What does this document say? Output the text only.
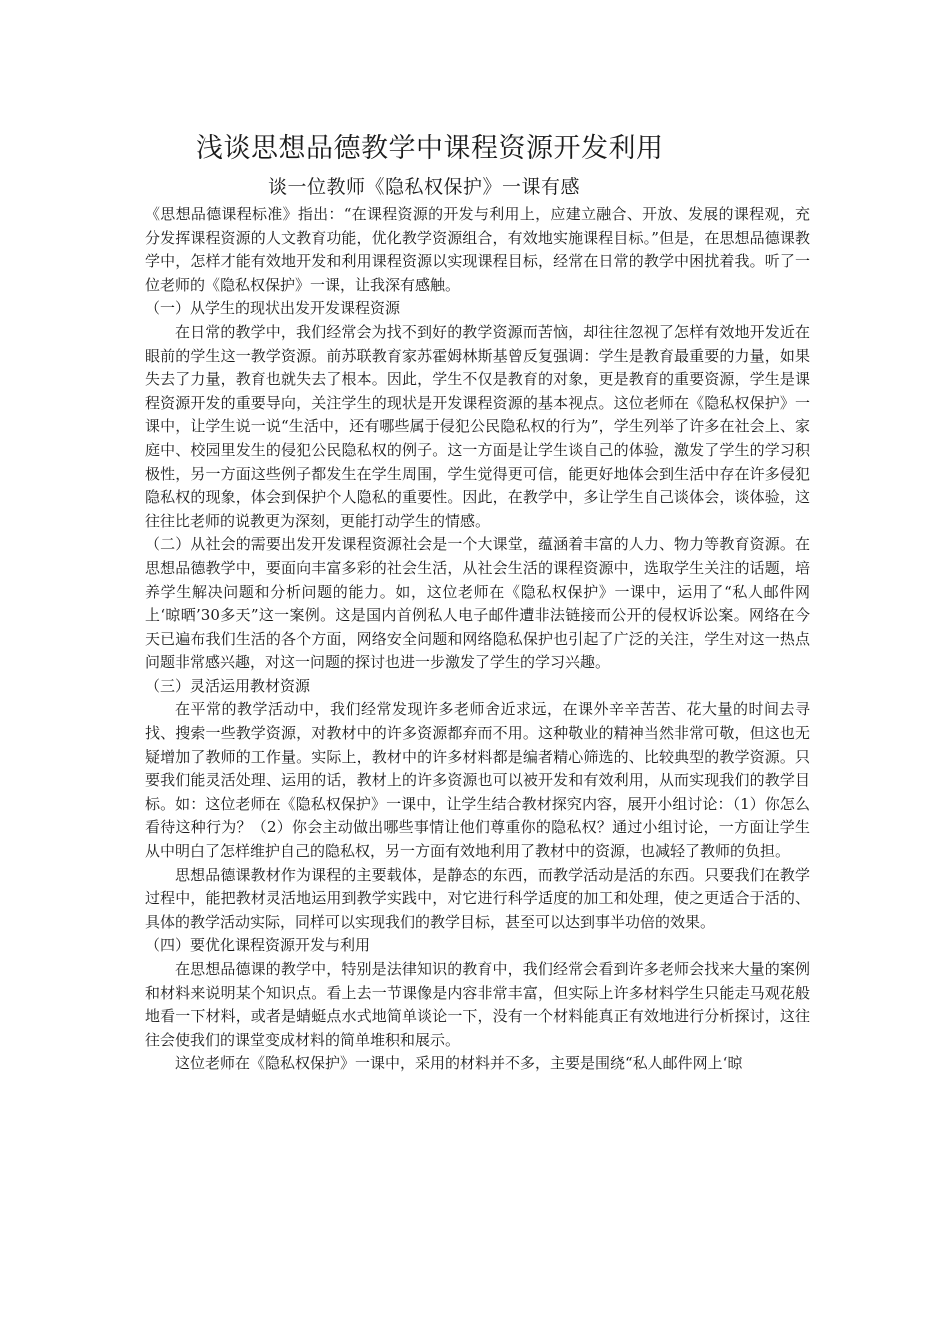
浅谈思想品德教学中课程资源开发利用
谈一位教师《隐私权保护》一课有感

《思想品德课程标准》指出：“在课程资源的开发与利用上，应建立融合、开放、发展的课程观，充分发挥课程资源的人文教育功能，优化教学资源组合，有效地实施课程目标。”但是，在思想品德课教学中，怎样才能有效地开发和利用课程资源以实现课程目标，经常在日常的教学中困扰着我。听了一位老师的《隐私权保护》一课，让我深有感触。

（一）从学生的现状出发开发课程资源

在日常的教学中，我们经常会为找不到好的教学资源而苦恼，却往往忽视了怎样有效地开发近在眼前的学生这一教学资源。前苏联教育家苏霍姆林斯基曾反复强调：学生是教育最重要的力量，如果失去了力量，教育也就失去了根本。因此，学生不仅是教育的对象，更是教育的重要资源，学生是课程资源开发的重要导向，关注学生的现状是开发课程资源的基本视点。这位老师在《隐私权保护》一课中，让学生说一说“生活中，还有哪些属于侵犯公民隐私权的行为”，学生列举了许多在社会上、家庭中、校园里发生的侵犯公民隐私权的例子。这一方面是让学生谈自己的体验，激发了学生的学习积极性，另一方面这些例子都发生在学生周围，学生觉得更可信，能更好地体会到生活中存在许多侵犯隐私权的现象，体会到保护个人隐私的重要性。因此，在教学中，多让学生自己谈体会，谈体验，这往往比老师的说教更为深刻，更能打动学生的情感。

（二）从社会的需要出发开发课程资源社会是一个大课堂，蕴涵着丰富的人力、物力等教育资源。在思想品德教学中，要面向丰富多彩的社会生活，从社会生活的课程资源中，选取学生关注的话题，培养学生解决问题和分析问题的能力。如，这位老师在《隐私权保护》一课中，运用了“私人邮件网上‘晾晒’30多天”这一案例。这是国内首例私人电子邮件遭非法链接而公开的侵权诉讼案。网络在今天已遍布我们生活的各个方面，网络安全问题和网络隐私保护也引起了广泛的关注，学生对这一热点问题非常感兴趣，对这一问题的探讨也进一步激发了学生的学习兴趣。

（三）灵活运用教材资源

在平常的教学活动中，我们经常发现许多老师舍近求远，在课外辛辛苦苦、花大量的时间去寻找、搜索一些教学资源，对教材中的许多资源都弃而不用。这种敬业的精神当然非常可敬，但这也无疑增加了教师的工作量。实际上，教材中的许多材料都是编者精心筛选的、比较典型的教学资源。只要我们能灵活处理、运用的话，教材上的许多资源也可以被开发和有效利用，从而实现我们的教学目标。如：这位老师在《隐私权保护》一课中，让学生结合教材探究内容，展开小组讨论：（1）你怎么看待这种行为？（2）你会主动做出哪些事情让他们尊重你的隐私权？通过小组讨论，一方面让学生从中明白了怎样维护自己的隐私权，另一方面有效地利用了教材中的资源，也减轻了教师的负担。

思想品德课教材作为课程的主要载体，是静态的东西，而教学活动是活的东西。只要我们在教学过程中，能把教材灵活地运用到教学实践中，对它进行科学适度的加工和处理，使之更适合于活的、具体的教学活动实际，同样可以实现我们的教学目标，甚至可以达到事半功倍的效果。

（四）要优化课程资源开发与利用

在思想品德课的教学中，特别是法律知识的教育中，我们经常会看到许多老师会找来大量的案例和材料来说明某个知识点。看上去一节课像是内容非常丰富，但实际上许多材料学生只能走马观花般地看一下材料，或者是蜻蜓点水式地简单谈论一下，没有一个材料能真正有效地进行分析探讨，这往往会使我们的课堂变成材料的简单堆积和展示。

这位老师在《隐私权保护》一课中，采用的材料并不多，主要是围绕“私人邮件网上‘晾
